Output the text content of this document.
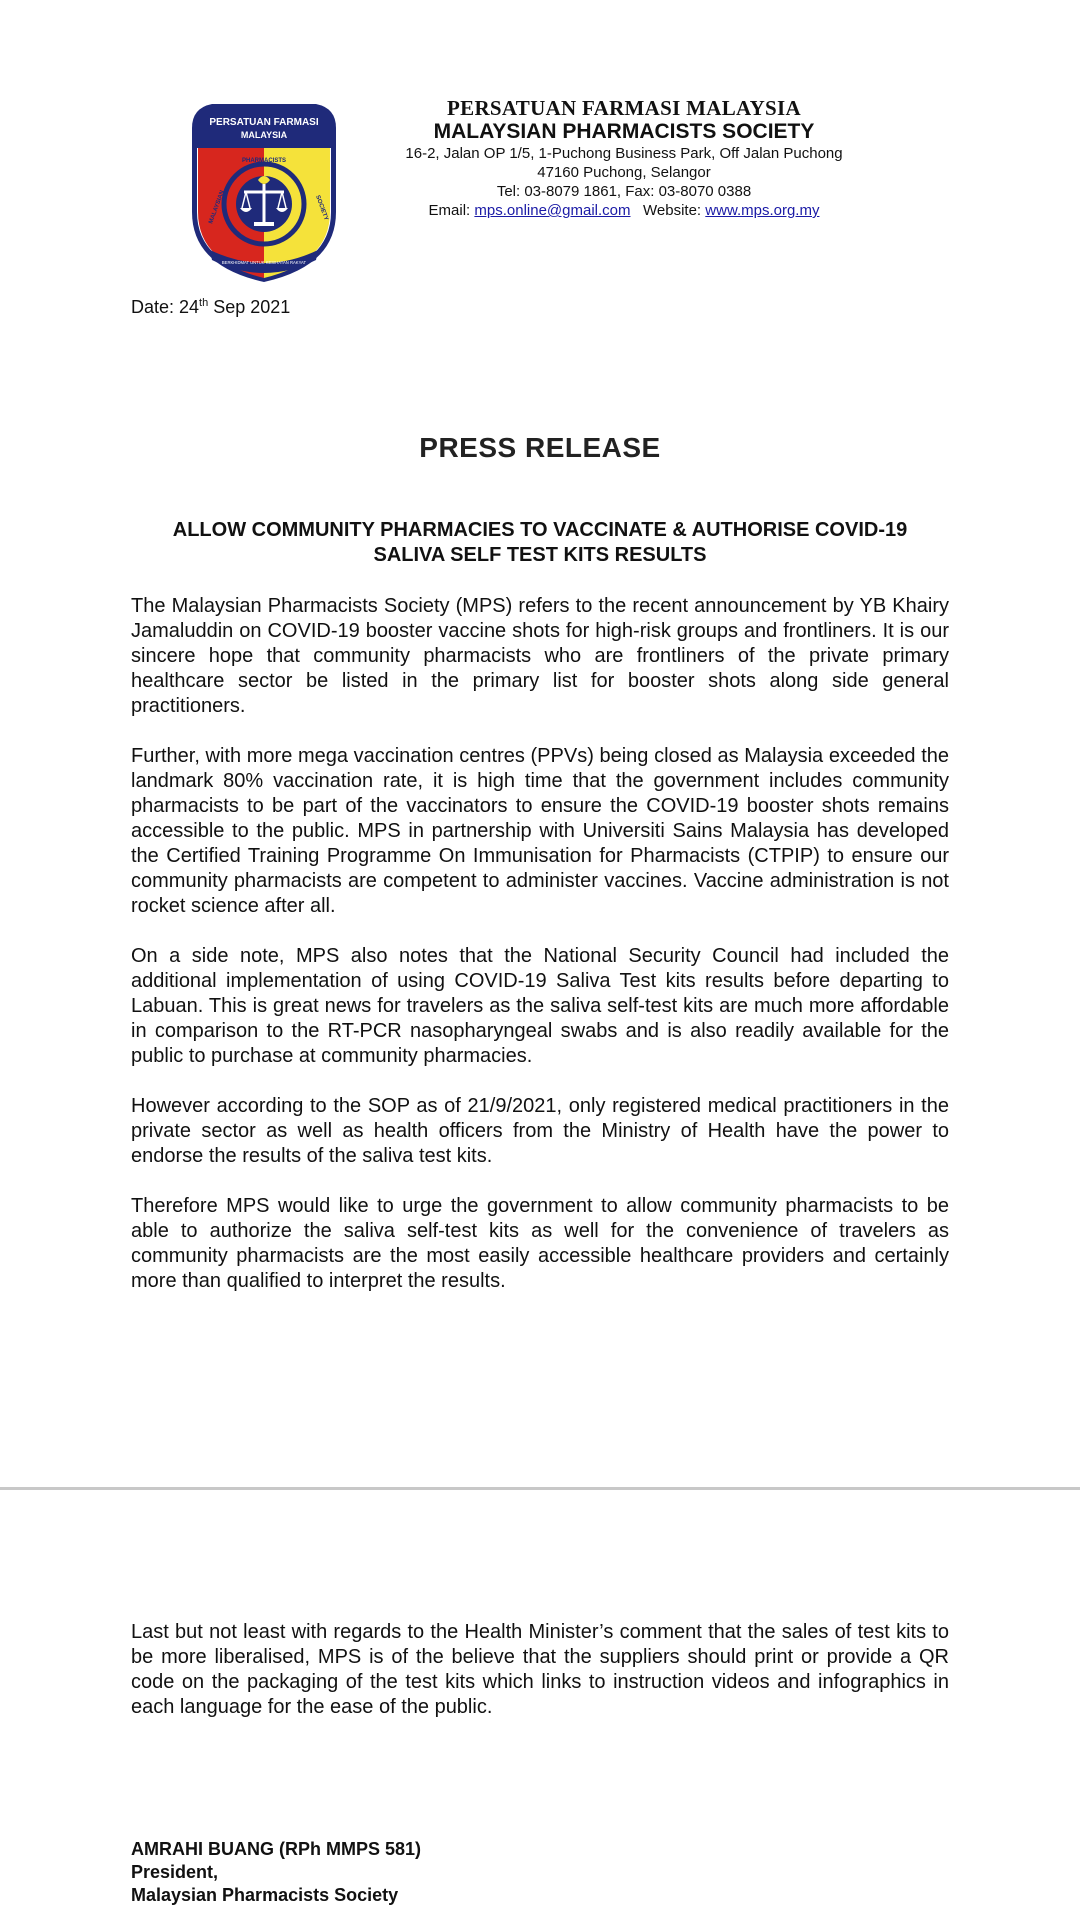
PERSATUAN FARMASI
MALAYSIA
MALAYSIAN
PHARMACISTS
SOCIETY
BERKHIDMAT UNTUK KESIHATAN RAKYAT
PERSATUAN FARMASI MALAYSIA
MALAYSIAN PHARMACISTS SOCIETY
16-2, Jalan OP 1/5, 1-Puchong Business Park, Off Jalan Puchong
47160 Puchong, Selangor
Tel: 03-8079 1861, Fax: 03-8070 0388
Email: mps.online@gmail.com Website: www.mps.org.my
Date: 24th Sep 2021
PRESS RELEASE
ALLOW COMMUNITY PHARMACIES TO VACCINATE & AUTHORISE COVID-19
SALIVA SELF TEST KITS RESULTS

The Malaysian Pharmacists Society (MPS) refers to the recent announcement by YB Khairy Jamaluddin on COVID-19 booster vaccine shots for high-risk groups and frontliners. It is our sincere hope that community pharmacists who are frontliners of the private primary healthcare sector be listed in the primary list for booster shots along side general practitioners.

Further, with more mega vaccination centres (PPVs) being closed as Malaysia exceeded the landmark 80% vaccination rate, it is high time that the government includes community pharmacists to be part of the vaccinators to ensure the COVID-19 booster shots remains accessible to the public. MPS in partnership with Universiti Sains Malaysia has developed the Certified Training Programme On Immunisation for Pharmacists (CTPIP) to ensure our community pharmacists are competent to administer vaccines. Vaccine administration is not rocket science after all.

On a side note, MPS also notes that the National Security Council had included the additional implementation of using COVID-19 Saliva Test kits results before departing to Labuan. This is great news for travelers as the saliva self-test kits are much more affordable in comparison to the RT-PCR nasopharyngeal swabs and is also readily available for the public to purchase at community pharmacies.

However according to the SOP as of 21/9/2021, only registered medical practitioners in the private sector as well as health officers from the Ministry of Health have the power to endorse the results of the saliva test kits.

Therefore MPS would like to urge the government to allow community pharmacists to be able to authorize the saliva self-test kits as well for the convenience of travelers as community pharmacists are the most easily accessible healthcare providers and certainly more than qualified to interpret the results.

Last but not least with regards to the Health Minister’s comment that the sales of test kits to be more liberalised, MPS is of the believe that the suppliers should print or provide a QR code on the packaging of the test kits which links to instruction videos and infographics in each language for the ease of the public.

AMRAHI BUANG (RPh MMPS 581)
President,
Malaysian Pharmacists Society
